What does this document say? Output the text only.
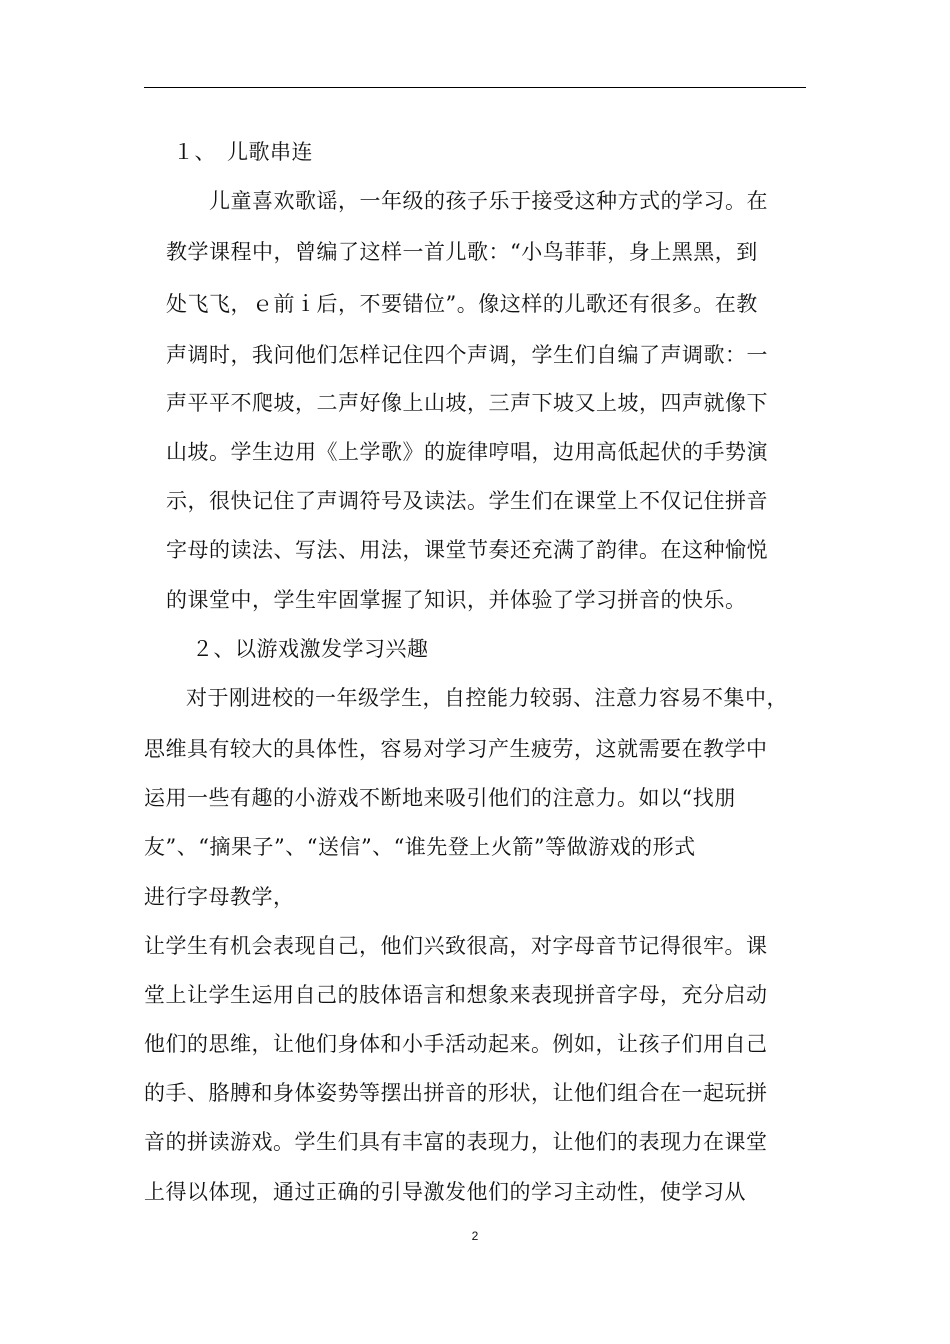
１、　儿歌串连
儿童喜欢歌谣，一年级的孩子乐于接受这种方式的学习。在
教学课程中，曾编了这样一首儿歌：“小鸟菲菲，身上黑黑，到
处飞飞，ｅ前ｉ后，不要错位”。像这样的儿歌还有很多。在教
声调时，我问他们怎样记住四个声调，学生们自编了声调歌：一
声平平不爬坡，二声好像上山坡，三声下坡又上坡，四声就像下
山坡。学生边用《上学歌》的旋律哼唱，边用高低起伏的手势演
示，很快记住了声调符号及读法。学生们在课堂上不仅记住拼音
字母的读法、写法、用法，课堂节奏还充满了韵律。在这种愉悦
的课堂中，学生牢固掌握了知识，并体验了学习拼音的快乐。
２、以游戏激发学习兴趣
对于刚进校的一年级学生，自控能力较弱、注意力容易不集中，
思维具有较大的具体性，容易对学习产生疲劳，这就需要在教学中
运用一些有趣的小游戏不断地来吸引他们的注意力。如以“找朋
友”、“摘果子”、“送信”、“谁先登上火箭”等做游戏的形式
进行字母教学，
让学生有机会表现自己，他们兴致很高，对字母音节记得很牢。课
堂上让学生运用自己的肢体语言和想象来表现拼音字母，充分启动
他们的思维，让他们身体和小手活动起来。例如，让孩子们用自己
的手、胳膊和身体姿势等摆出拼音的形状，让他们组合在一起玩拼
音的拼读游戏。学生们具有丰富的表现力，让他们的表现力在课堂
上得以体现，通过正确的引导激发他们的学习主动性，使学习从
2
